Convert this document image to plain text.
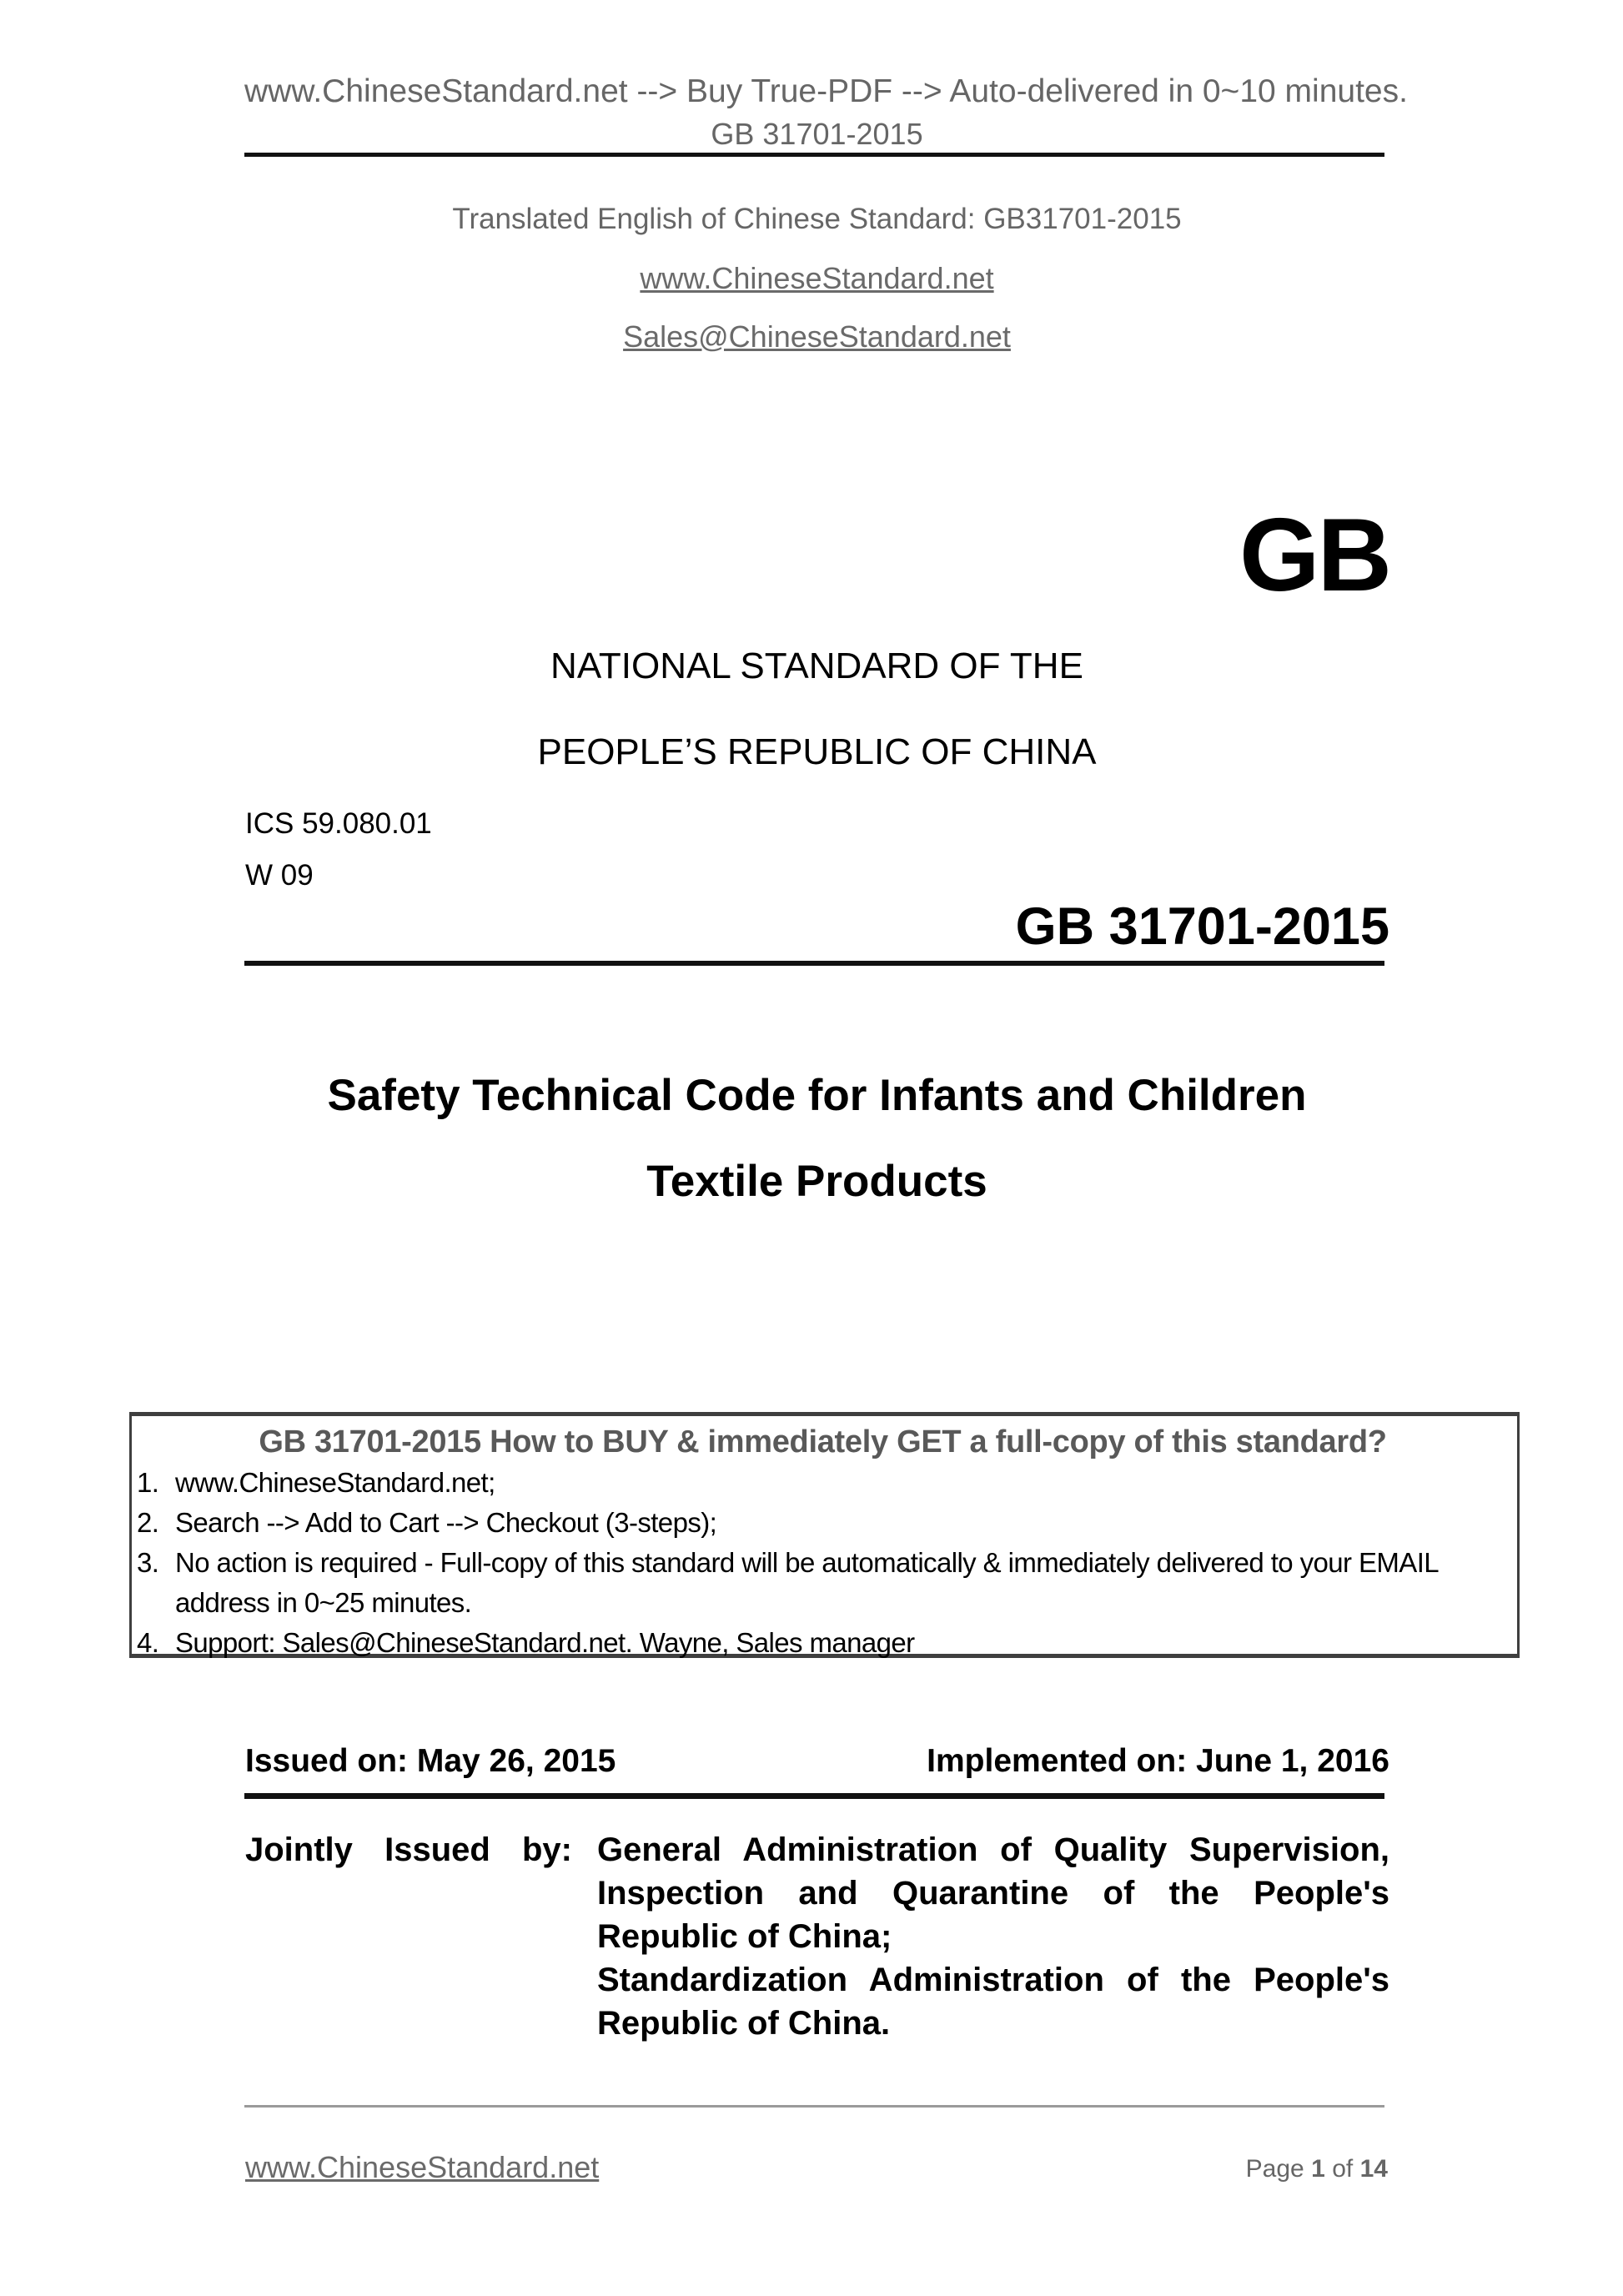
www.ChineseStandard.net --> Buy True-PDF --> Auto-delivered in 0~10 minutes.
GB 31701-2015
Translated English of Chinese Standard: GB31701-2015
www.ChineseStandard.net
Sales@ChineseStandard.net
GB
NATIONAL STANDARD OF THE
PEOPLE’S REPUBLIC OF CHINA
ICS 59.080.01
W 09
GB 31701-2015
Safety Technical Code for Infants and Children
Textile Products
GB 31701-2015 How to BUY & immediately GET a full-copy of this standard?
1. www.ChineseStandard.net;
2. Search --> Add to Cart --> Checkout (3-steps);
3. No action is required - Full-copy of this standard will be automatically & immediately delivered to your EMAIL address in 0~25 minutes.
4. Support: Sales@ChineseStandard.net. Wayne, Sales manager
Issued on: May 26, 2015	Implemented on: June 1, 2016
Jointly Issued by: General Administration of Quality Supervision,
Inspection and Quarantine of the People's
Republic of China;
Standardization Administration of the People's
Republic of China.
www.ChineseStandard.net	Page 1 of 14
